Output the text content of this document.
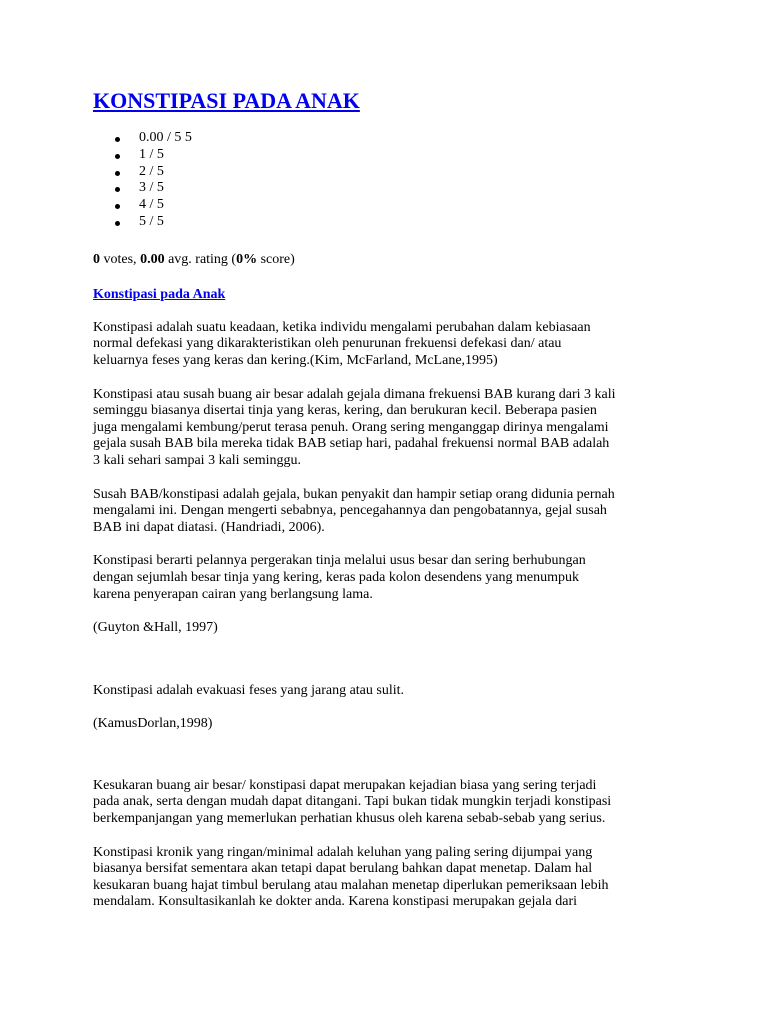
KONSTIPASI PADA ANAK
0.00 / 5 5
1 / 5
2 / 5
3 / 5
4 / 5
5 / 5

0 votes, 0.00 avg. rating (0% score)

Konstipasi pada Anak

Konstipasi adalah suatu keadaan, ketika individu mengalami perubahan dalam kebiasaan
normal defekasi yang dikarakteristikan oleh penurunan frekuensi defekasi dan/ atau
keluarnya feses yang keras dan kering.(Kim, McFarland, McLane,1995)

Konstipasi atau susah buang air besar adalah gejala dimana frekuensi BAB kurang dari 3 kali
seminggu biasanya disertai tinja yang keras, kering, dan berukuran kecil. Beberapa pasien
juga mengalami kembung/perut terasa penuh. Orang sering menganggap dirinya mengalami
gejala susah BAB bila mereka tidak BAB setiap hari, padahal frekuensi normal BAB adalah
3 kali sehari sampai 3 kali seminggu.

Susah BAB/konstipasi adalah gejala, bukan penyakit dan hampir setiap orang didunia pernah
mengalami ini. Dengan mengerti sebabnya, pencegahannya dan pengobatannya, gejal susah
BAB ini dapat diatasi. (Handriadi, 2006).

Konstipasi berarti pelannya pergerakan tinja melalui usus besar dan sering berhubungan
dengan sejumlah besar tinja yang kering, keras pada kolon desendens yang menumpuk
karena penyerapan cairan yang berlangsung lama.

(Guyton &Hall, 1997)

Konstipasi adalah evakuasi feses yang jarang atau sulit.

(KamusDorlan,1998)

Kesukaran buang air besar/ konstipasi dapat merupakan kejadian biasa yang sering terjadi
pada anak, serta dengan mudah dapat ditangani. Tapi bukan tidak mungkin terjadi konstipasi
berkempanjangan yang memerlukan perhatian khusus oleh karena sebab-sebab yang serius.

Konstipasi kronik yang ringan/minimal adalah keluhan yang paling sering dijumpai yang
biasanya bersifat sementara akan tetapi dapat berulang bahkan dapat menetap. Dalam hal
kesukaran buang hajat timbul berulang atau malahan menetap diperlukan pemeriksaan lebih
mendalam. Konsultasikanlah ke dokter anda. Karena konstipasi merupakan gejala dari
